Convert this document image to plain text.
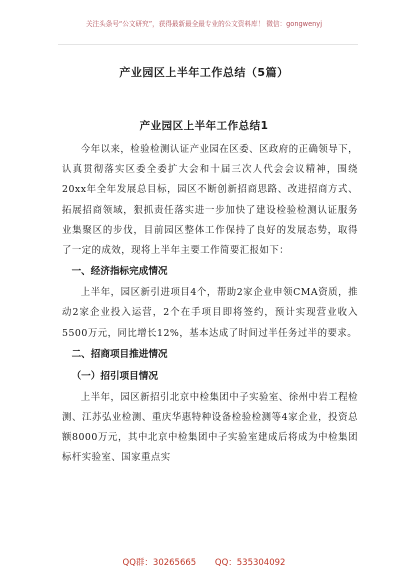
关注头条号“公文研究”，获得最新最全最专业的公文资料库！ 微信：gongwenyj
产业园区上半年工作总结（5篇）
产业园区上半年工作总结1

今年以来，检验检测认证产业园在区委、区政府的正确领导下，认真贯彻落实区委全委扩大会和十届三次人代会会议精神，围绕20xx年全年发展总目标，园区不断创新招商思路、改进招商方式、拓展招商领域，狠抓责任落实进一步加快了建设检验检测认证服务业集聚区的步伐，目前园区整体工作保持了良好的发展态势，取得了一定的成效，现将上半年主要工作简要汇报如下：

一、经济指标完成情况

上半年，园区新引进项目4个，帮助2家企业申领CMA资质，推动2家企业投入运营，2个在手项目即将签约，预计实现营业收入5500万元，同比增长12%，基本达成了时间过半任务过半的要求。

二、招商项目推进情况

（一）招引项目情况

上半年，园区新招引北京中检集团中子实验室、徐州中岩工程检测、江苏弘业检测、重庆华惠特种设备检验检测等4家企业，投资总额8000万元，其中北京中检集团中子实验室建成后将成为中检集团标杆实验室、国家重点实

QQ群：30265665 QQ：535304092
